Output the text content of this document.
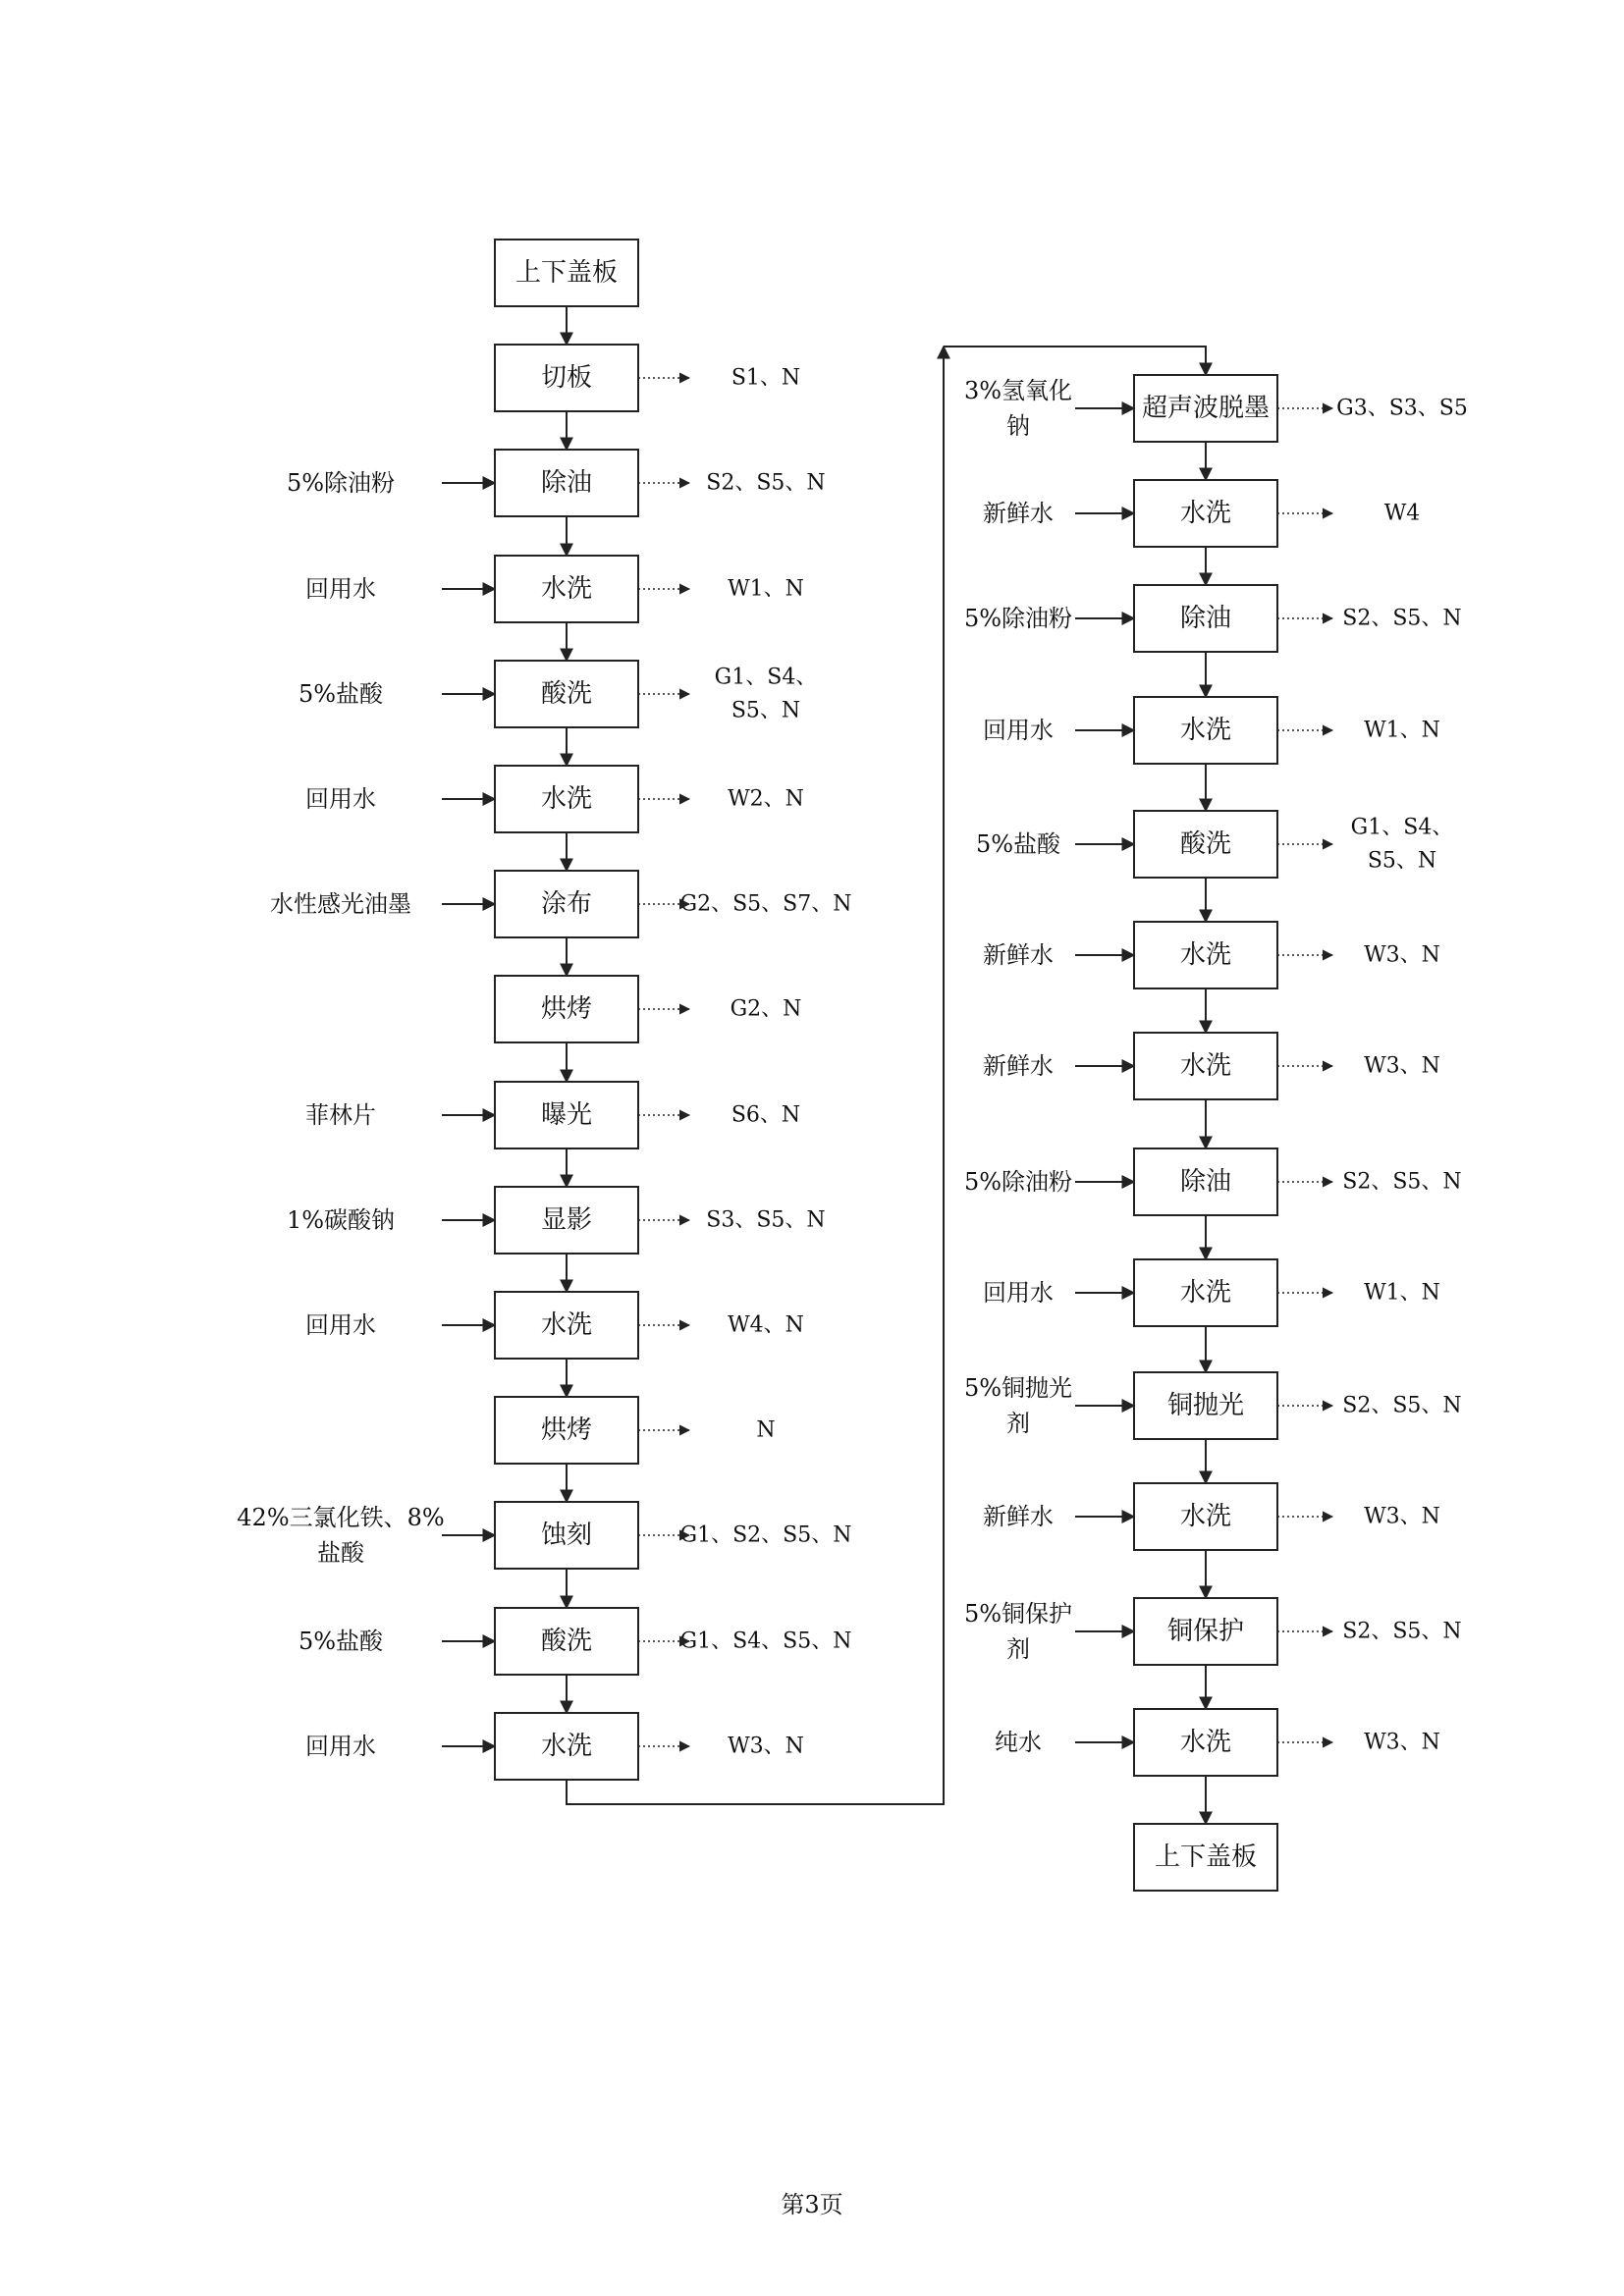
上下盖板
切板	S1、N
除油
5%除油粉	S2、S5、N
水洗
回用水	W1、N
酸洗
5%盐酸
G1、S4、
S5、N
水洗
回用水	W2、N
涂布
水性感光油墨	G2、S5、S7、N
烘烤	G2、N
曝光
菲林片	S6、N
显影
1%碳酸钠	S3、S5、N
水洗
回用水	W4、N
烘烤	N
蚀刻
42%三氯化铁、8%
盐酸
G1、S2、S5、N
酸洗
5%盐酸	G1、S4、S5、N
水洗
回用水	W3、N
超声波脱墨
3%氢氧化
钠
G3、S3、S5
水洗
新鲜水	W4
除油
5%除油粉	S2、S5、N
水洗
回用水	W1、N
酸洗
5%盐酸
G1、S4、
S5、N
水洗
新鲜水	W3、N
水洗
新鲜水	W3、N
除油
5%除油粉	S2、S5、N
水洗
回用水	W1、N
铜抛光
5%铜抛光
剂
S2、S5、N
水洗
新鲜水	W3、N
铜保护
5%铜保护
剂
S2、S5、N
水洗
纯水	W3、N
上下盖板
第3页
